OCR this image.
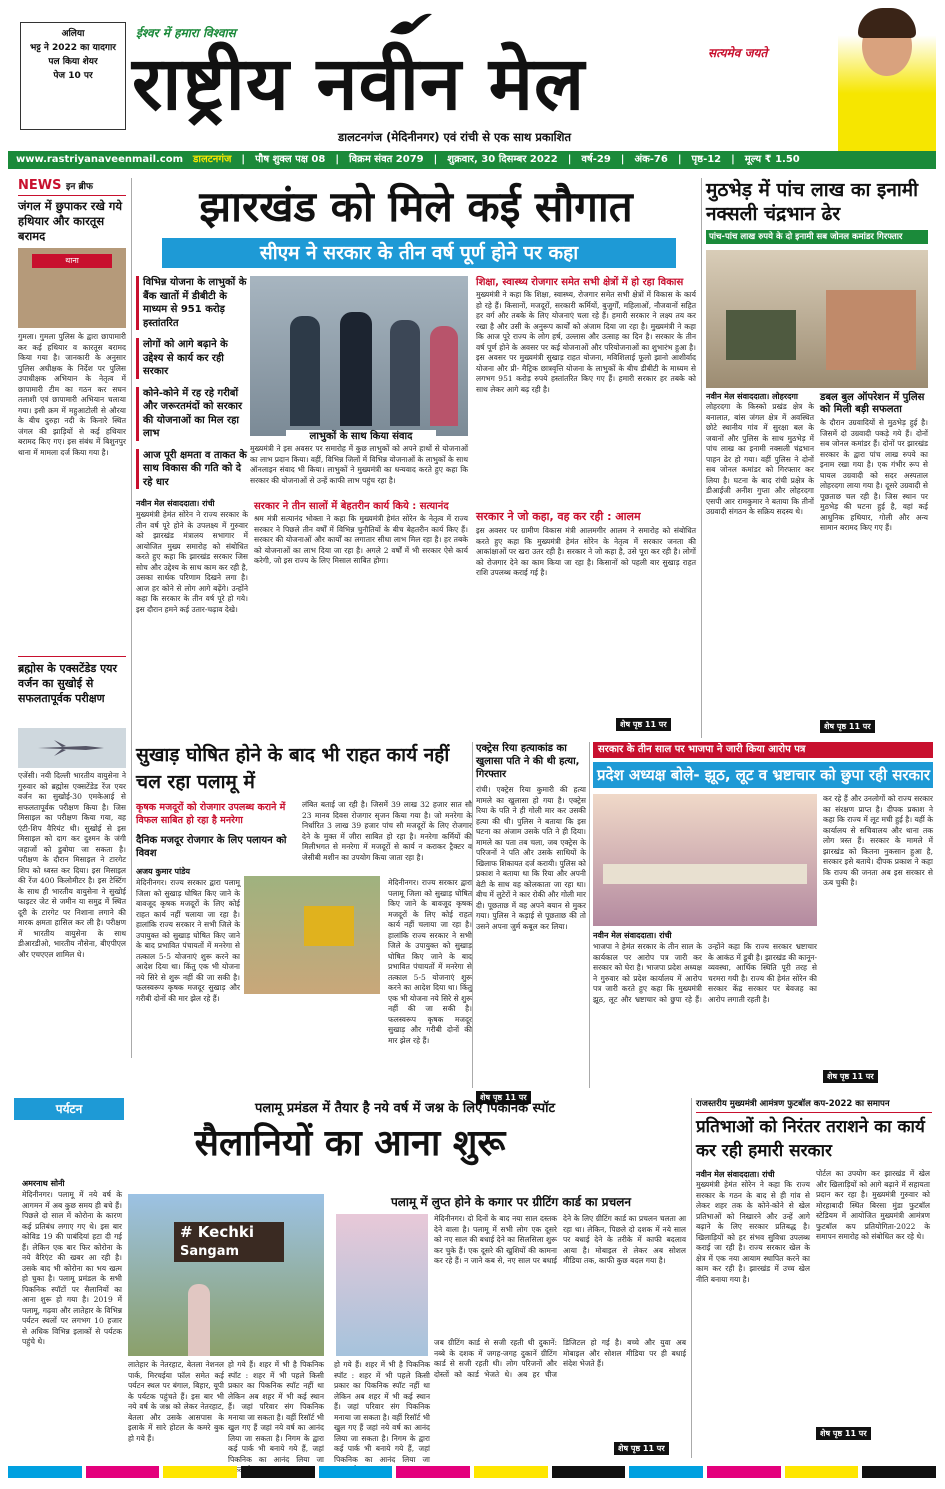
ईश्वर में हमारा विश्वास
सत्यमेव जयते
राष्ट्रीय नवीन मेल
डालटनगंज (मेदिनीनगर) एवं रांची से एक साथ प्रकाशित
अलिया
भट्ट ने 2022 का यादगार
पल किया शेयर
पेज 10 पर
www.rastriyanaveenmail.com डालटनगंज | पौष शुक्ल पक्ष 08 | विक्रम संवत 2079 | शुक्रवार, 30 दिसम्बर 2022 | वर्ष-29 | अंक-76 | पृष्ठ-12 | मूल्य ₹ 1.50
NEWS इन ब्रीफ
जंगल में छुपाकर रखे गये हथियार और कारतूस बरामद
थाना
गुमला। गुमला पुलिस के द्वारा छापामारी कर कई हथियार व कारतूस बरामद किया गया है। जानकारी के अनुसार पुलिस अधीक्षक के निर्देश पर पुलिस उपाधीक्षक अभियान के नेतृत्व में छापामारी टीम का गठन कर सघन तलाशी एवं छापामारी अभियान चलाया गया। इसी क्रम में महुआटोली से औरया के बीच दुरुहा नदी के किनारे स्थित जंगल की झाड़ियों से कई हथियार बरामद किए गए। इस संबंध में बिशुनपुर थाना में मामला दर्ज किया गया है।
ब्रह्मोस के एक्सटेंडेड एयर वर्जन का सुखोई से सफलतापूर्वक परीक्षण
एजेंसी। नयी दिल्ली भारतीय वायुसेना ने गुरुवार को ब्रह्मोस एक्सटेंडेड रेंज एयर वर्जन का सुखोई-30 एमकेआई से सफलतापूर्वक परीक्षण किया है। जिस मिसाइल का परीक्षण किया गया, वह एंटी-शिप वैरियंट थी। सुखोई से इस मिसाइल को दाग कर दुश्मन के जंगी जहाजों को डुबोया जा सकता है। परीक्षण के दौरान मिसाइल ने टारगेट शिप को ध्वस्त कर दिया। इस मिसाइल की रेंज 400 किलोमीटर है। इस टेस्टिंग के साथ ही भारतीय वायुसेना ने सुखोई फाइटर जेट से जमीन या समुद्र में स्थित दूरी के टारगेट पर निशाना लगाने की मारक क्षमता हासिल कर ली है। परीक्षण में भारतीय वायुसेना के साथ डीआरडीओ, भारतीय नौसेना, बीएपीएल और एचएएल शामिल थे।
झारखंड को मिले कई सौगात
सीएम ने सरकार के तीन वर्ष पूर्ण होने पर कहा
विभिन्न योजना के लाभुकों के बैंक खातों में डीबीटी के माध्यम से 951 करोड़ हस्तांतरित
लोगों को आगे बढ़ाने के उद्देश्य से कार्य कर रही सरकार
कोने-कोने में रह रहे गरीबों और जरूरतमंदों को सरकार की योजनाओं का मिल रहा लाभ
आज पूरी क्षमता व ताकत के साथ विकास की गति को दे रहे धार
लाभुकों के साथ किया संवाद
मुख्यमंत्री ने इस अवसर पर समारोह में कुछ लाभुकों को अपने हाथों से योजनाओं का लाभ प्रदान किया। वहीं, विभिन्न जिलों में विभिन्न योजनाओं के लाभुकों के साथ ऑनलाइन संवाद भी किया। लाभुकों ने मुख्यमंत्री का धन्यवाद करते हुए कहा कि सरकार की योजनाओं से उन्हें काफी लाभ पहुंच रहा है।
शिक्षा, स्वास्थ्य रोजगार समेत सभी क्षेत्रों में हो रहा विकास
मुख्यमंत्री ने कहा कि शिक्षा, स्वास्थ्य, रोजगार समेत सभी क्षेत्रों में विकास के कार्य हो रहे हैं। किसानों, मजदूरों, सरकारी कर्मियों, बुजुर्गों, महिलाओं, नौजवानों सहित हर वर्ग और तबके के लिए योजनाएं चला रहे हैं। हमारी सरकार ने लक्ष्य तय कर रखा है और उसी के अनुरूप कार्यों को अंजाम दिया जा रहा है। मुख्यमंत्री ने कहा कि आज पूरे राज्य के लोग हर्ष, उल्लास और उत्साह का दिन है। सरकार के तीन वर्ष पूर्ण होने के अवसर पर कई योजनाओं और परियोजनाओं का शुभारंभ हुआ है। इस अवसर पर मुख्यमंत्री सुखाड़ राहत योजना, मविशिलाई फूलो झानो आशीर्वाद योजना और प्री- मैट्रिक छात्रवृत्ति योजना के लाभुकों के बीच डीबीटी के माध्यम से लगभग 951 करोड़ रुपये हस्तांतरित किए गए हैं। हमारी सरकार हर तबके को साथ लेकर आगे बढ़ रही है।
नवीन मेल संवाददाता। रांची
मुख्यमंत्री हेमंत सोरेन ने राज्य सरकार के तीन वर्ष पूरे होने के उपलक्ष्य में गुरुवार को झारखंड मंत्रालय सभागार में आयोजित मुख्य समारोह को संबोधित करते हुए कहा कि झारखंड सरकार जिस सोच और उद्देश्य के साथ काम कर रही है, उसका सार्थक परिणाम दिखने लगा है। आज हर कोने से लोग आगे बढ़ेंगे। उन्होंने कहा कि सरकार के तीन वर्ष पूरे हो गये। इस दौरान हमने कई उतार-चढ़ाव देखे।
सरकार ने तीन सालों में बेहतरीन कार्य किये : सत्यानंद
श्रम मंत्री सत्यानंद भोक्ता ने कहा कि मुख्यमंत्री हेमंत सोरेन के नेतृत्व में राज्य सरकार ने पिछले तीन वर्षों में विभिन्न चुनौतियों के बीच बेहतरीन कार्य किए हैं। सरकार की योजनाओं और कार्यों का लगातार सीधा लाभ मिल रहा है। हर तबके को योजनाओं का लाभ दिया जा रहा है। अगले 2 वर्षों में भी सरकार ऐसे कार्य करेगी, जो इस राज्य के लिए मिसाल साबित होगा।
सरकार ने जो कहा, वह कर रही : आलम
इस अवसर पर ग्रामीण विकास मंत्री आलमगीर आलम ने समारोह को संबोधित करते हुए कहा कि मुख्यमंत्री हेमंत सोरेन के नेतृत्व में सरकार जनता की आकांक्षाओं पर खरा उतर रही है। सरकार ने जो कहा है, उसे पूरा कर रही है। लोगों को रोजगार देने का काम किया जा रहा है। किसानों को पहली बार सुखाड़ राहत राशि उपलब्ध कराई गई है।
शेष पृष्ठ 11 पर
मुठभेड़ में पांच लाख का इनामी नक्सली चंद्रभान ढेर
पांच-पांच लाख रुपये के दो इनामी सब जोनल कमांडर गिरफ्तार
नवीन मेल संवाददाता। लोहरदगा
लोहरदगा के किस्को प्रखंड क्षेत्र के बनालात, बांस जंगल क्षेत्र में अवस्थित छोटे स्थानीय गांव में सुरक्षा बल के जवानों और पुलिस के साथ मुठभेड़ में पांच लाख का इनामी नक्सली चंद्रभान पाहन ढेर हो गया। वहीं पुलिस ने दोनों सब जोनल कमांडर को गिरफ्तार कर लिया है। घटना के बाद रांची प्रक्षेत्र के डीआईजी अनीश गुप्ता और लोहरदगा एसपी आर रामकुमार ने बताया कि तीनों उग्रवादी संगठन के सक्रिय सदस्य थे।
डबल बुल ऑपरेशन में पुलिस को मिली बड़ी सफलता
के दौरान उग्रवादियों से मुठभेड़ हुई है। जिसमें दो उग्रवादी पकड़े गये हैं। दोनों सब जोनल कमांडर हैं। दोनों पर झारखंड सरकार के द्वारा पांच लाख रुपये का इनाम रखा गया है। एक गंभीर रूप से घायल उग्रवादी को सदर अस्पताल लोहरदगा लाया गया है। दूसरे उग्रवादी से पूछताछ चल रही है। जिस स्थान पर मुठभेड़ की घटना हुई है, वहां कई आधुनिक हथियार, गोली और अन्य सामान बरामद किए गए हैं।
शेष पृष्ठ 11 पर
सुखाड़ घोषित होने के बाद भी राहत कार्य नहीं चल रहा पलामू में
कृषक मजदूरों को रोजगार उपलब्ध कराने में विफल साबित हो रहा है मनरेगा
दैनिक मजदूर रोजगार के लिए पलायन को विवश
अजय कुमार पांडेय
मेदिनीनगर। राज्य सरकार द्वारा पलामू जिला को सुखाड़ घोषित किए जाने के बावजूद कृषक मजदूरों के लिए कोई राहत कार्य नहीं चलाया जा रहा है। हालांकि राज्य सरकार ने सभी जिले के उपायुक्त को सुखाड़ घोषित किए जाने के बाद प्रभावित पंचायतों में मनरेगा से तत्काल 5-5 योजनाएं शुरू करने का आदेश दिया था। किंतु एक भी योजना नये सिरे से शुरू नहीं की जा सकी है। फलस्वरूप कृषक मजदूर सुखाड़ और गरीबी दोनों की मार झेल रहे हैं।
लंबित बताई जा रही है। जिसमें 39 लाख 32 हजार सात सौ 23 मानव दिवस रोजगार सृजन किया गया है। जो मनरेगा के निर्धारित 3 लाख 39 हजार पांच सौ मजदूरों के लिए रोजगार देने के मुक्त में जीरा साबित हो रहा है। मनरेगा कर्मियों की मिलीभगत से मनरेगा में मजदूरों से कार्य न कराकर ट्रैक्टर व जेसीबी मशीन का उपयोग किया जाता रहा है।
मेदिनीनगर। राज्य सरकार द्वारा पलामू जिला को सुखाड़ घोषित किए जाने के बावजूद कृषक मजदूरों के लिए कोई राहत कार्य नहीं चलाया जा रहा है। हालांकि राज्य सरकार ने सभी जिले के उपायुक्त को सुखाड़ घोषित किए जाने के बाद प्रभावित पंचायतों में मनरेगा से तत्काल 5-5 योजनाएं शुरू करने का आदेश दिया था। किंतु एक भी योजना नये सिरे से शुरू नहीं की जा सकी है। फलस्वरूप कृषक मजदूर सुखाड़ और गरीबी दोनों की मार झेल रहे हैं।
एक्ट्रेस रिया हत्याकांड का खुलासा पति ने की थी हत्या, गिरफ्तार
रांची। एक्ट्रेस रिया कुमारी की हत्या मामले का खुलासा हो गया है। एक्ट्रेस रिया के पति ने ही गोली मार कर उसकी हत्या की थी। पुलिस ने बताया कि इस घटना का अंजाम उसके पति ने ही दिया। मामले का पता तब चला, जब एक्ट्रेस के परिजनों ने पति और उसके साथियों के खिलाफ शिकायत दर्ज करायी। पुलिस को प्रकाश ने बताया था कि रिया और अपनी बेटी के साथ वह कोलकाता जा रहा था। बीच में लुटेरों ने कार रोकी और गोली मार दी। पूछताछ में वह अपने बयान से मुकर गया। पुलिस ने कड़ाई से पूछताछ की तो उसने अपना जुर्म कबूल कर लिया।
शेष पृष्ठ 11 पर
सरकार के तीन साल पर भाजपा ने जारी किया आरोप पत्र
प्रदेश अध्यक्ष बोले- झूठ, लूट व भ्रष्टाचार को छुपा रही सरकार
कर रहे हैं और उनलोगों को राज्य सरकार का संरक्षण प्राप्त है। दीपक प्रकाश ने कहा कि राज्य में लूट मची हुई है। यहीं के कार्यालय से सचिवालय और थाना तक लोग त्रस्त हैं। सरकार के मामले में झारखंड को कितना नुकसान हुआ है, सरकार इसे बताये। दीपक प्रकाश ने कहा कि राज्य की जनता अब इस सरकार से ऊब चुकी है।
शेष पृष्ठ 11 पर
नवीन मेल संवाददाता। रांची
भाजपा ने हेमंत सरकार के तीन साल के कार्यकाल पर आरोप पत्र जारी कर सरकार को घेरा है। भाजपा प्रदेश अध्यक्ष ने गुरुवार को प्रदेश कार्यालय में आरोप पत्र जारी करते हुए कहा कि मुख्यमंत्री झूठ, लूट और भ्रष्टाचार को छुपा रहे हैं। उन्होंने कहा कि राज्य सरकार भ्रष्टाचार के आकंठ में डूबी है। झारखंड की कानून-व्यवस्था, आर्थिक स्थिति पूरी तरह से चरमरा गयी है। राज्य की हेमंत सोरेन की सरकार केंद्र सरकार पर बेवजह का आरोप लगाती रहती है।
पर्यटन	पलामू प्रमंडल में तैयार है नये वर्ष में जश्न के लिए पिकनिक स्पॉट
सैलानियों का आना शुरू
अमरनाथ सोनी
मेदिनीनगर। पलामू में नये वर्ष के आगमन में अब कुछ समय ही बचे हैं। पिछले दो साल में कोरोना के कारण कई प्रतिबंध लगाए गए थे। इस बार कोविड 19 की पाबंदियां हटा दी गई हैं। लेकिन एक बार फिर कोरोना के नये वैरिएंट की खबर आ रही है। उसके बाद भी कोरोना का भय खत्म हो चुका है। पलामू प्रमंडल के सभी पिकनिक स्पॉटों पर सैलानियों का आना शुरू हो गया है। 2019 में पलामू, गढ़वा और लातेहार के विभिन्न पर्यटन स्थलों पर लगभग 10 हजार से अधिक विभिन्न इलाकों से पर्यटक पहुंचे थे।
# Kechki
Sangam
लातेहार के नेतरहाट, बेतला नेशनल पार्क, मिरचईया फॉल समेत कई पर्यटन स्थल पर बंगाल, बिहार, यूपी के पर्यटक पहुंचते हैं। इस बार भी नये वर्ष के जश्न को लेकर नेतरहाट, बेतला और उसके आसपास के इलाके में सारे होटल के कमरे बुक हो गये हैं।
हो गये हैं। शहर में भी है पिकनिक स्पॉट : शहर में भी पहले किसी प्रकार का पिकनिक स्पॉट नहीं था लेकिन अब शहर में भी कई स्थान हैं। जहां परिवार संग पिकनिक मनाया जा सकता है। वहीं रिसॉर्ट भी खुल गए हैं जहां नये वर्ष का आनंद लिया जा सकता है। निगम के द्वारा कई पार्क भी बनाये गये हैं, जहां पिकनिक का आनंद लिया जा
हो गये हैं। शहर में भी है पिकनिक स्पॉट : शहर में भी पहले किसी प्रकार का पिकनिक स्पॉट नहीं था लेकिन अब शहर में भी कई स्थान हैं। जहां परिवार संग पिकनिक मनाया जा सकता है। वहीं रिसॉर्ट भी खुल गए हैं जहां नये वर्ष का आनंद लिया जा सकता है। निगम के द्वारा कई पार्क भी बनाये गये हैं, जहां पिकनिक का आनंद लिया जा
पलामू में लुप्त होने के कगार पर ग्रीटिंग कार्ड का प्रचलन
मेदिनीनगर। दो दिनों के बाद नया साल दस्तक देने वाला है। पलामू में सभी लोग एक दूसरे को नए साल की बधाई देने का सिलसिला शुरू कर चुके हैं। एक दूसरे की खुशियों की कामना कर रहे हैं। न जाने कब से, नए साल पर बधाई देने के लिए ग्रीटिंग कार्ड का प्रचलन चलता आ रहा था। लेकिन, पिछले दो दशक में नये साल पर बधाई देने के तरीके में काफी बदलाव आया है। मोबाइल से लेकर अब सोशल मीडिया तक, काफी कुछ बदल गया है।
जब ग्रीटिंग कार्ड से सजी रहती थी दुकानें: नब्बे के दशक में जगह-जगह दुकानें ग्रीटिंग कार्ड से सजी रहती थी। लोग परिजनों और दोस्तों को कार्ड भेजते थे। अब हर चीज डिजिटल हो गई है। बच्चे और युवा अब मोबाइल और सोशल मीडिया पर ही बधाई संदेश भेजते हैं।
शेष पृष्ठ 11 पर
राजस्तरीय मुख्यमंत्री आमंत्रण फुटबॉल कप-2022 का समापन
प्रतिभाओं को निरंतर तराशने का कार्य कर रही हमारी सरकार
नवीन मेल संवाददाता। रांची
मुख्यमंत्री हेमंत सोरेन ने कहा कि राज्य सरकार के गठन के बाद से ही गांव से लेकर शहर तक के कोने-कोने से खेल प्रतिभाओं को निखारने और उन्हें आगे बढ़ाने के लिए सरकार प्रतिबद्ध है। खिलाड़ियों को हर संभव सुविधा उपलब्ध कराई जा रही है। राज्य सरकार खेल के क्षेत्र में एक नया आयाम स्थापित करने का काम कर रही है। झारखंड में उच्च खेल नीति बनाया गया है।
पोर्टल का उपयोग कर झारखंड में खेल और खिलाड़ियों को आगे बढ़ाने में सहायता प्रदान कर रहा है। मुख्यमंत्री गुरुवार को मोरहाबादी स्थित बिरसा मुंडा फुटबॉल स्टेडियम में आयोजित मुख्यमंत्री आमंत्रण फुटबॉल कप प्रतियोगिता-2022 के समापन समारोह को संबोधित कर रहे थे।
शेष पृष्ठ 11 पर
